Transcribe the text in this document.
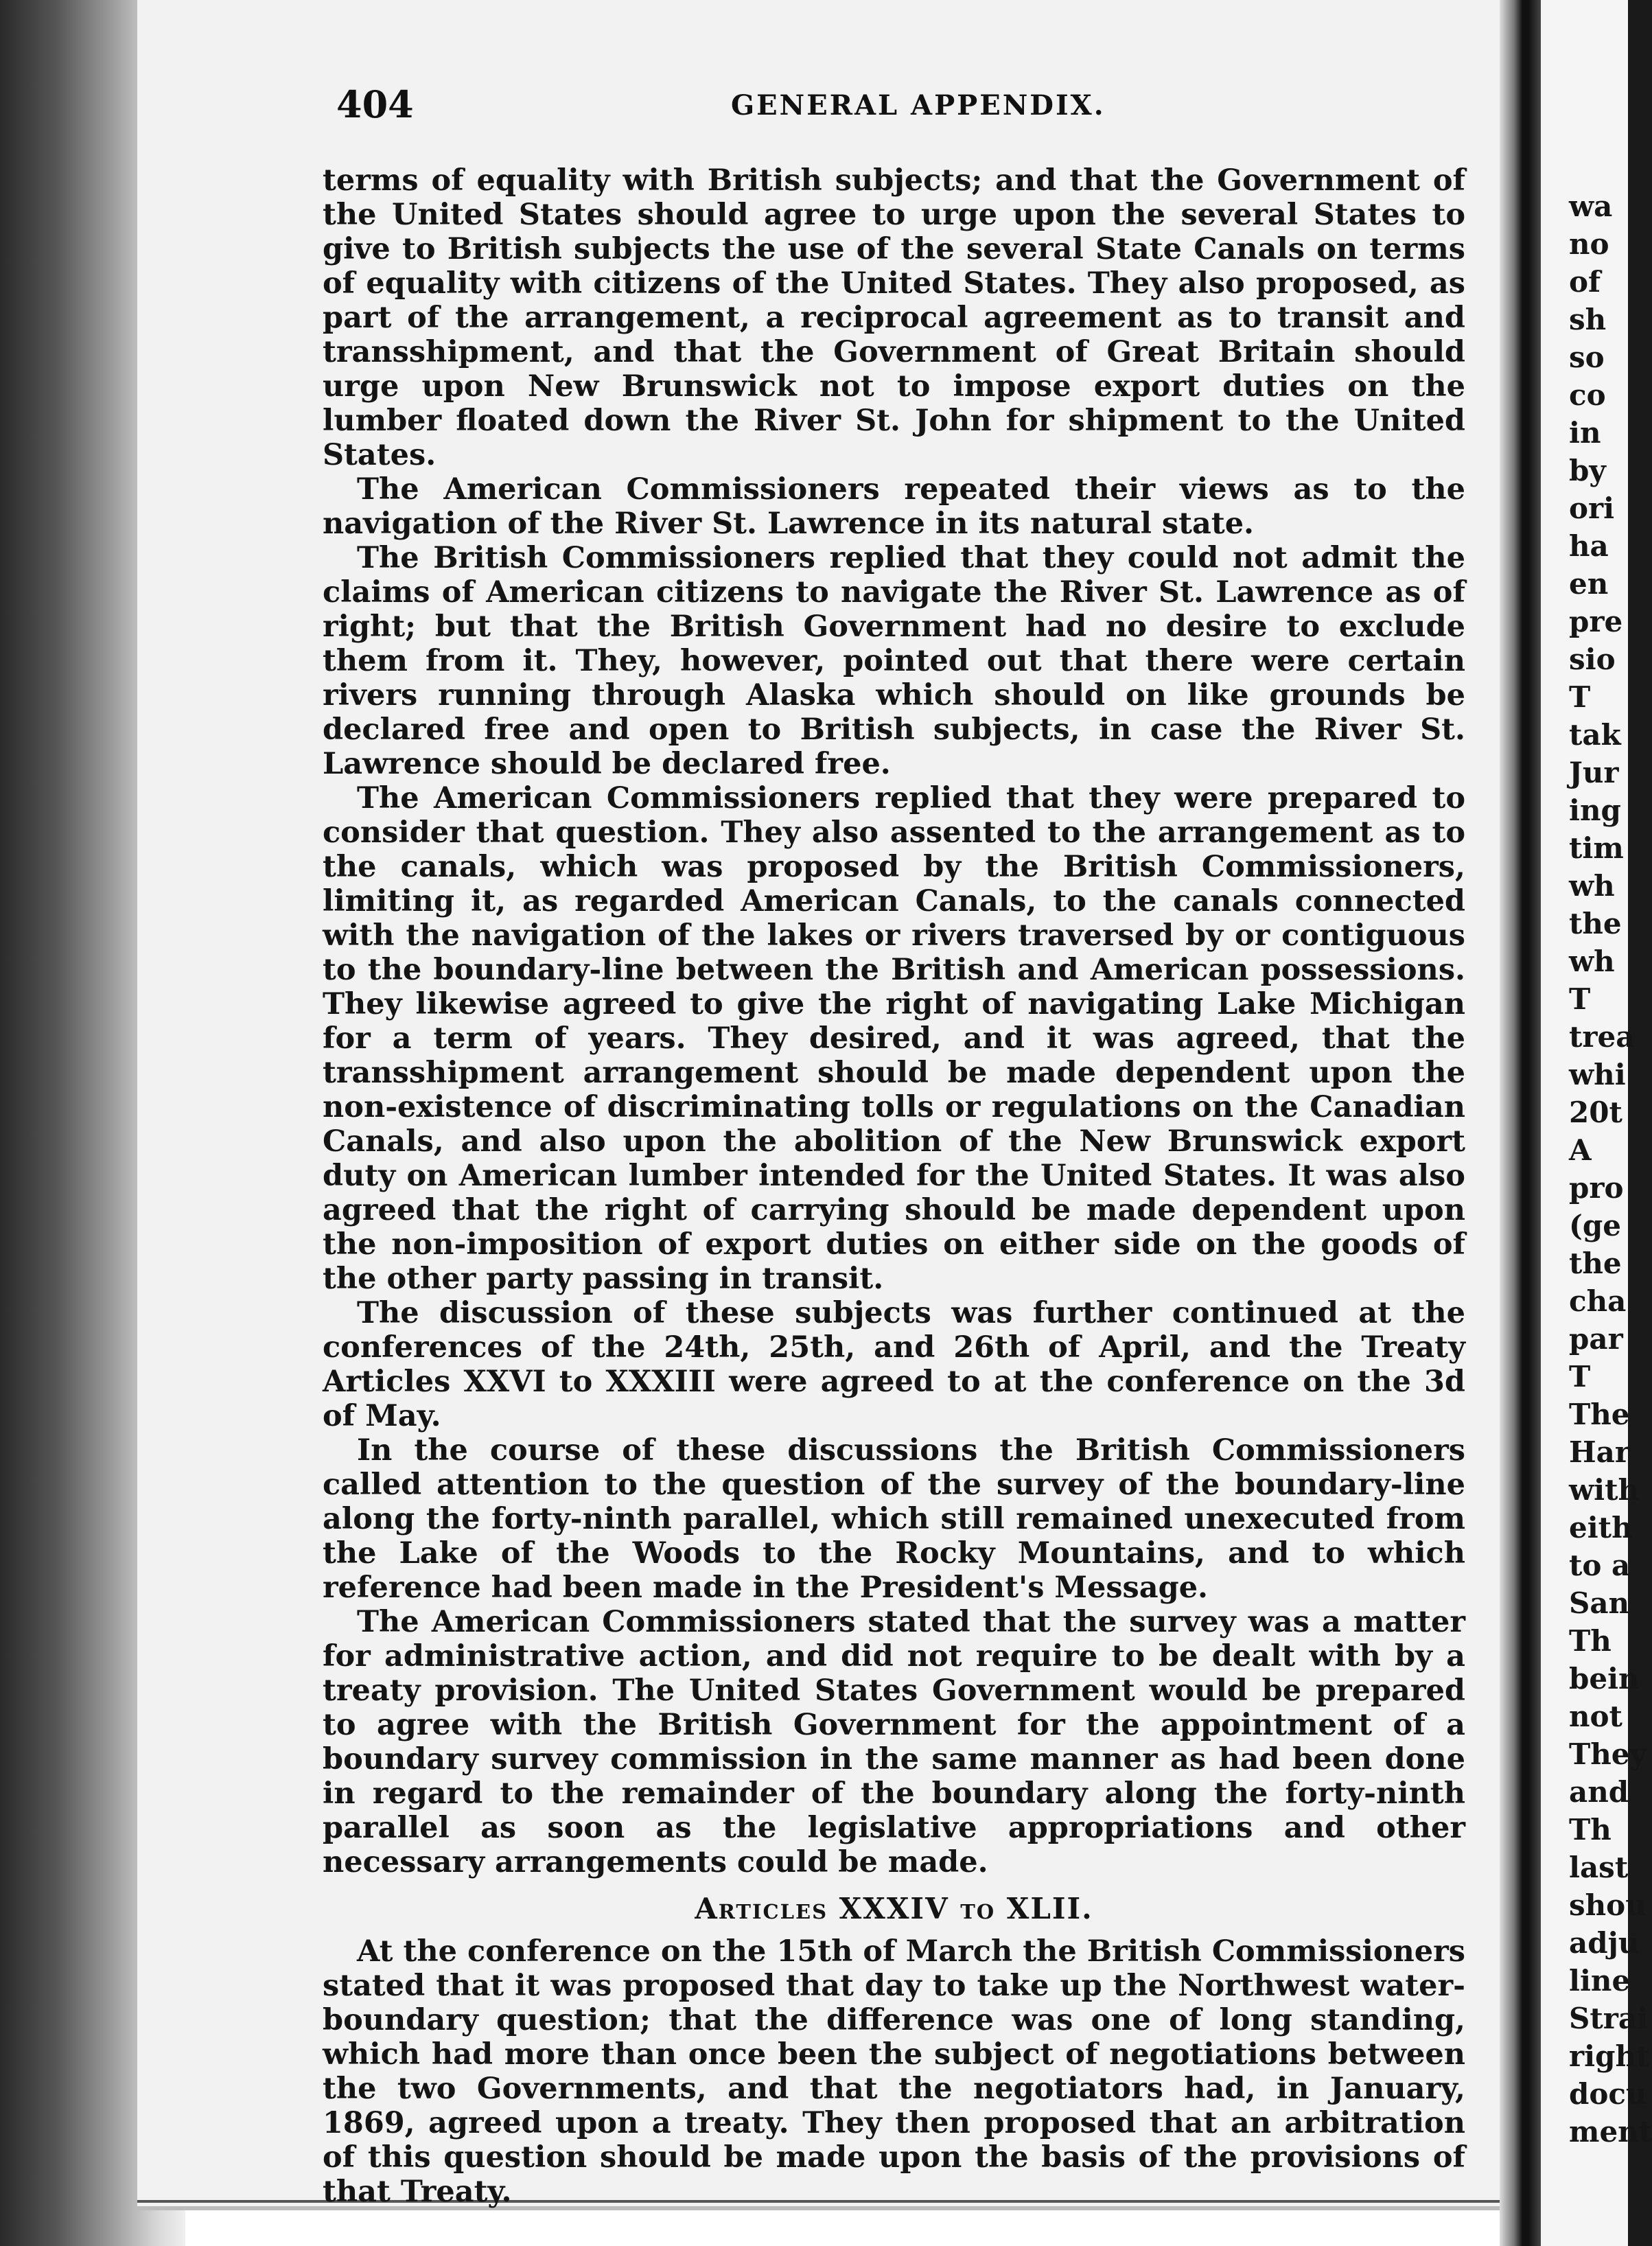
wa
no
of
sh
so
co
in
by
ori
ha
en
pre
sio
T
tak
Jur
ing
tim
wh
the
wh
T
trea
whi
20t
A
pro
(ge
the
cha
par
T
The
Har
with
eith
to a
San
Th
bein
not
They
and
Th
last
shou
adju
line
Strai
right
docu
ment
404	GENERAL APPENDIX.

terms of equality with British subjects; and that the Government of the United States should agree to urge upon the several States to give to British subjects the use of the several State Canals on terms of equality with citizens of the United States. They also proposed, as part of the arrangement, a reciprocal agreement as to transit and transshipment, and that the Government of Great Britain should urge upon New Brunswick not to impose export duties on the lumber floated down the River St. John for shipment to the United States.

The American Commissioners repeated their views as to the navigation of the River St. Lawrence in its natural state.

The British Commissioners replied that they could not admit the claims of American citizens to navigate the River St. Lawrence as of right; but that the British Government had no desire to exclude them from it. They, however, pointed out that there were certain rivers running through Alaska which should on like grounds be declared free and open to British subjects, in case the River St. Lawrence should be declared free.

The American Commissioners replied that they were prepared to consider that question. They also assented to the arrangement as to the canals, which was proposed by the British Commissioners, limiting it, as regarded American Canals, to the canals connected with the navigation of the lakes or rivers traversed by or contiguous to the boundary-line between the British and American possessions. They likewise agreed to give the right of navigating Lake Michigan for a term of years. They desired, and it was agreed, that the transshipment arrangement should be made dependent upon the non-existence of discriminating tolls or regulations on the Canadian Canals, and also upon the abolition of the New Brunswick export duty on American lumber intended for the United States. It was also agreed that the right of carrying should be made dependent upon the non-imposition of export duties on either side on the goods of the other party passing in transit.

The discussion of these subjects was further continued at the conferences of the 24th, 25th, and 26th of April, and the Treaty Articles XXVI to XXXIII were agreed to at the conference on the 3d of May.

In the course of these discussions the British Commissioners called attention to the question of the survey of the boundary-line along the forty-ninth parallel, which still remained unexecuted from the Lake of the Woods to the Rocky Mountains, and to which reference had been made in the President's Message.

The American Commissioners stated that the survey was a matter for administrative action, and did not require to be dealt with by a treaty provision. The United States Government would be prepared to agree with the British Government for the appointment of a boundary survey commission in the same manner as had been done in regard to the remainder of the boundary along the forty-ninth parallel as soon as the legislative appropriations and other necessary arrangements could be made.

Articles XXXIV to XLII.

At the conference on the 15th of March the British Commissioners stated that it was proposed that day to take up the Northwest water-boundary question; that the difference was one of long standing, which had more than once been the subject of negotiations between the two Governments, and that the negotiators had, in January, 1869, agreed upon a treaty. They then proposed that an arbitration of this question should be made upon the basis of the provisions of that Treaty.
